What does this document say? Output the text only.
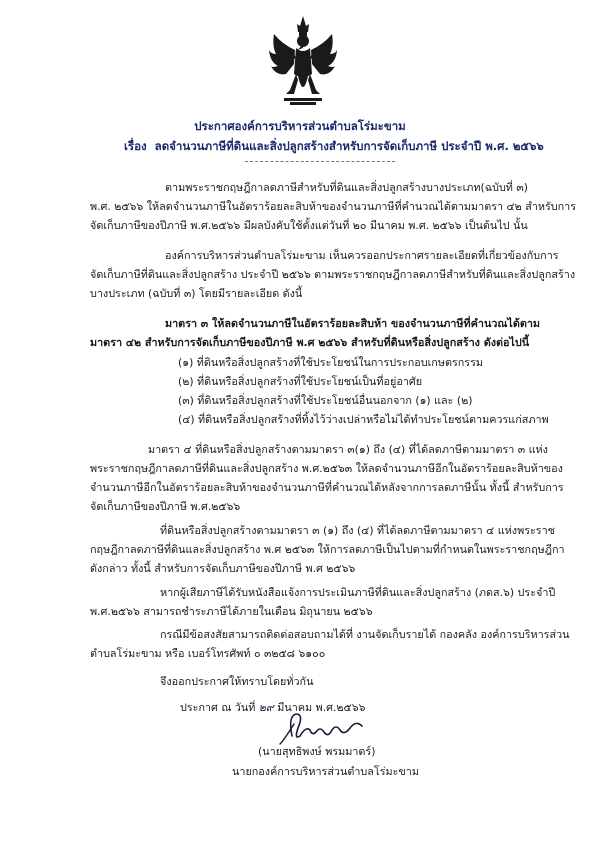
ประกาศองค์การบริหารส่วนตำบลโร่มะขาม
เรื่อง ลดจำนวนภาษีที่ดินและสิ่งปลูกสร้างสำหรับการจัดเก็บภาษี ประจำปี พ.ศ. ๒๕๖๖
ตามพระราชกฤษฎีกาลดภาษีสำหรับที่ดินและสิ่งปลูกสร้างบางประเภท(ฉบับที่ ๓)
พ.ศ. ๒๕๖๖ ให้ลดจำนวนภาษีในอัตราร้อยละสิบห้าของจำนวนภาษีที่คำนวณได้ตามมาตรา ๔๒ สำหรับการ
จัดเก็บภาษีของปีภาษี พ.ศ.๒๕๖๖ มีผลบังคับใช้ตั้งแต่วันที่ ๒๐ มีนาคม พ.ศ. ๒๕๖๖ เป็นต้นไป นั้น
องค์การบริหารส่วนตำบลโร่มะขาม เห็นควรออกประกาศรายละเอียดที่เกี่ยวข้องกับการ
จัดเก็บภาษีที่ดินและสิ่งปลูกสร้าง ประจำปี ๒๕๖๖ ตามพระราชกฤษฎีกาลดภาษีสำหรับที่ดินและสิ่งปลูกสร้าง
บางประเภท (ฉบับที่ ๓) โดยมีรายละเอียด ดังนี้
มาตรา ๓ ให้ลดจำนวนภาษีในอัตราร้อยละสิบห้า ของจำนวนภาษีที่คำนวณได้ตาม
มาตรา ๔๒ สำหรับการจัดเก็บภาษีของปีภาษี พ.ศ ๒๕๖๖ สำหรับที่ดินหรือสิ่งปลูกสร้าง ดังต่อไปนี้
(๑) ที่ดินหรือสิ่งปลูกสร้างที่ใช้ประโยชน์ในการประกอบเกษตรกรรม
(๒) ที่ดินหรือสิ่งปลูกสร้างที่ใช้ประโยชน์เป็นที่อยู่อาศัย
(๓) ที่ดินหรือสิ่งปลูกสร้างที่ใช้ประโยชน์อื่นนอกจาก (๑) และ (๒)
(๔) ที่ดินหรือสิ่งปลูกสร้างที่ทิ้งไว้ว่างเปล่าหรือไม่ได้ทำประโยชน์ตามควรแก่สภาพ
มาตรา ๔ ที่ดินหรือสิ่งปลูกสร้างตามมาตรา ๓(๑) ถึง (๔) ที่ได้ลดภาษีตามมาตรา ๓ แห่ง
พระราชกฤษฎีกาลดภาษีที่ดินและสิ่งปลูกสร้าง พ.ศ.๒๕๖๓ ให้ลดจำนวนภาษีอีกในอัตราร้อยละสิบห้าของ
จำนวนภาษีอีกในอัตราร้อยละสิบห้าของจำนวนภาษีที่คำนวณได้หลังจากการลดภาษีนั้น ทั้งนี้ สำหรับการ
จัดเก็บภาษีของปีภาษี พ.ศ.๒๕๖๖
ที่ดินหรือสิ่งปลูกสร้างตามมาตรา ๓ (๑) ถึง (๔) ที่ได้ลดภาษีตามมาตรา ๔ แห่งพระราช
กฤษฎีกาลดภาษีที่ดินและสิ่งปลูกสร้าง พ.ศ ๒๕๖๓ ให้การลดภาษีเป็นไปตามที่กำหนดในพระราชกฤษฎีกา
ดังกล่าว ทั้งนี้ สำหรับการจัดเก็บภาษีของปีภาษี พ.ศ ๒๕๖๖
หากผู้เสียภาษีได้รับหนังสือแจ้งการประเมินภาษีที่ดินและสิ่งปลูกสร้าง (ภดส.๖) ประจำปี
พ.ศ.๒๕๖๖ สามารถชำระภาษีได้ภายในเดือน มิถุนายน ๒๕๖๖
กรณีมีข้อสงสัยสามารถติดต่อสอบถามได้ที่ งานจัดเก็บรายได้ กองคลัง องค์การบริหารส่วน
ตำบลโร่มะขาม หรือ เบอร์โทรศัพท์ ๐ ๓๒๕๘ ๖๑๐๐
จึงออกประกาศให้ทราบโดยทั่วกัน
ประกาศ ณ วันที่ ๒๙ มีนาคม พ.ศ.๒๕๖๖
(นายสุทธิพงษ์ พรมมาตร์)
นายกองค์การบริหารส่วนตำบลโร่มะขาม
